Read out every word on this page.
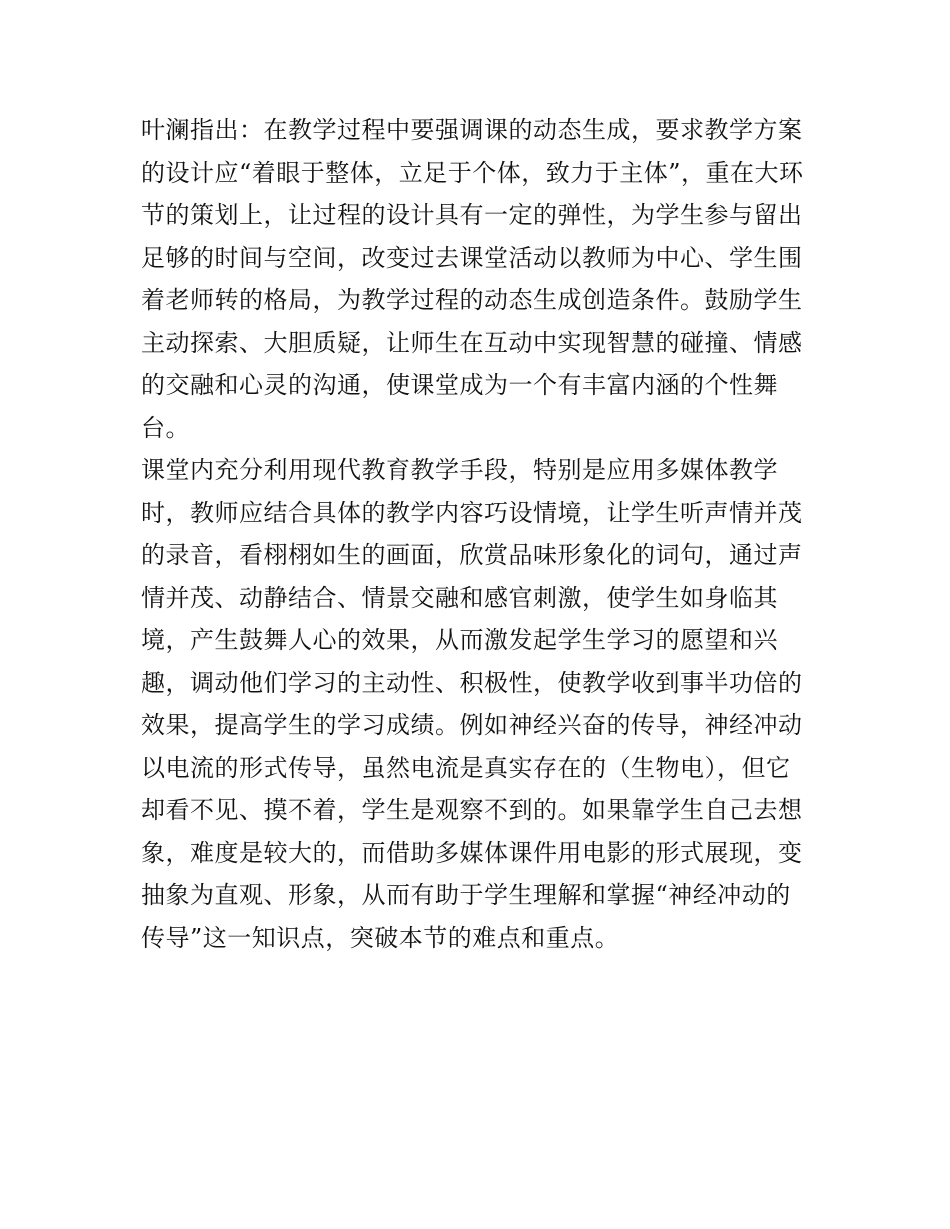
叶澜指出：在教学过程中要强调课的动态生成，要求教学方案
的设计应“着眼于整体，立足于个体，致力于主体”，重在大环
节的策划上，让过程的设计具有一定的弹性，为学生参与留出
足够的时间与空间，改变过去课堂活动以教师为中心、学生围
着老师转的格局，为教学过程的动态生成创造条件。鼓励学生
主动探索、大胆质疑，让师生在互动中实现智慧的碰撞、情感
的交融和心灵的沟通，使课堂成为一个有丰富内涵的个性舞
台。
课堂内充分利用现代教育教学手段，特别是应用多媒体教学
时，教师应结合具体的教学内容巧设情境，让学生听声情并茂
的录音，看栩栩如生的画面，欣赏品味形象化的词句，通过声
情并茂、动静结合、情景交融和感官刺激，使学生如身临其
境，产生鼓舞人心的效果，从而激发起学生学习的愿望和兴
趣，调动他们学习的主动性、积极性，使教学收到事半功倍的
效果，提高学生的学习成绩。例如神经兴奋的传导，神经冲动
以电流的形式传导，虽然电流是真实存在的（生物电），但它
却看不见、摸不着，学生是观察不到的。如果靠学生自己去想
象，难度是较大的，而借助多媒体课件用电影的形式展现，变
抽象为直观、形象，从而有助于学生理解和掌握“神经冲动的
传导”这一知识点，突破本节的难点和重点。
